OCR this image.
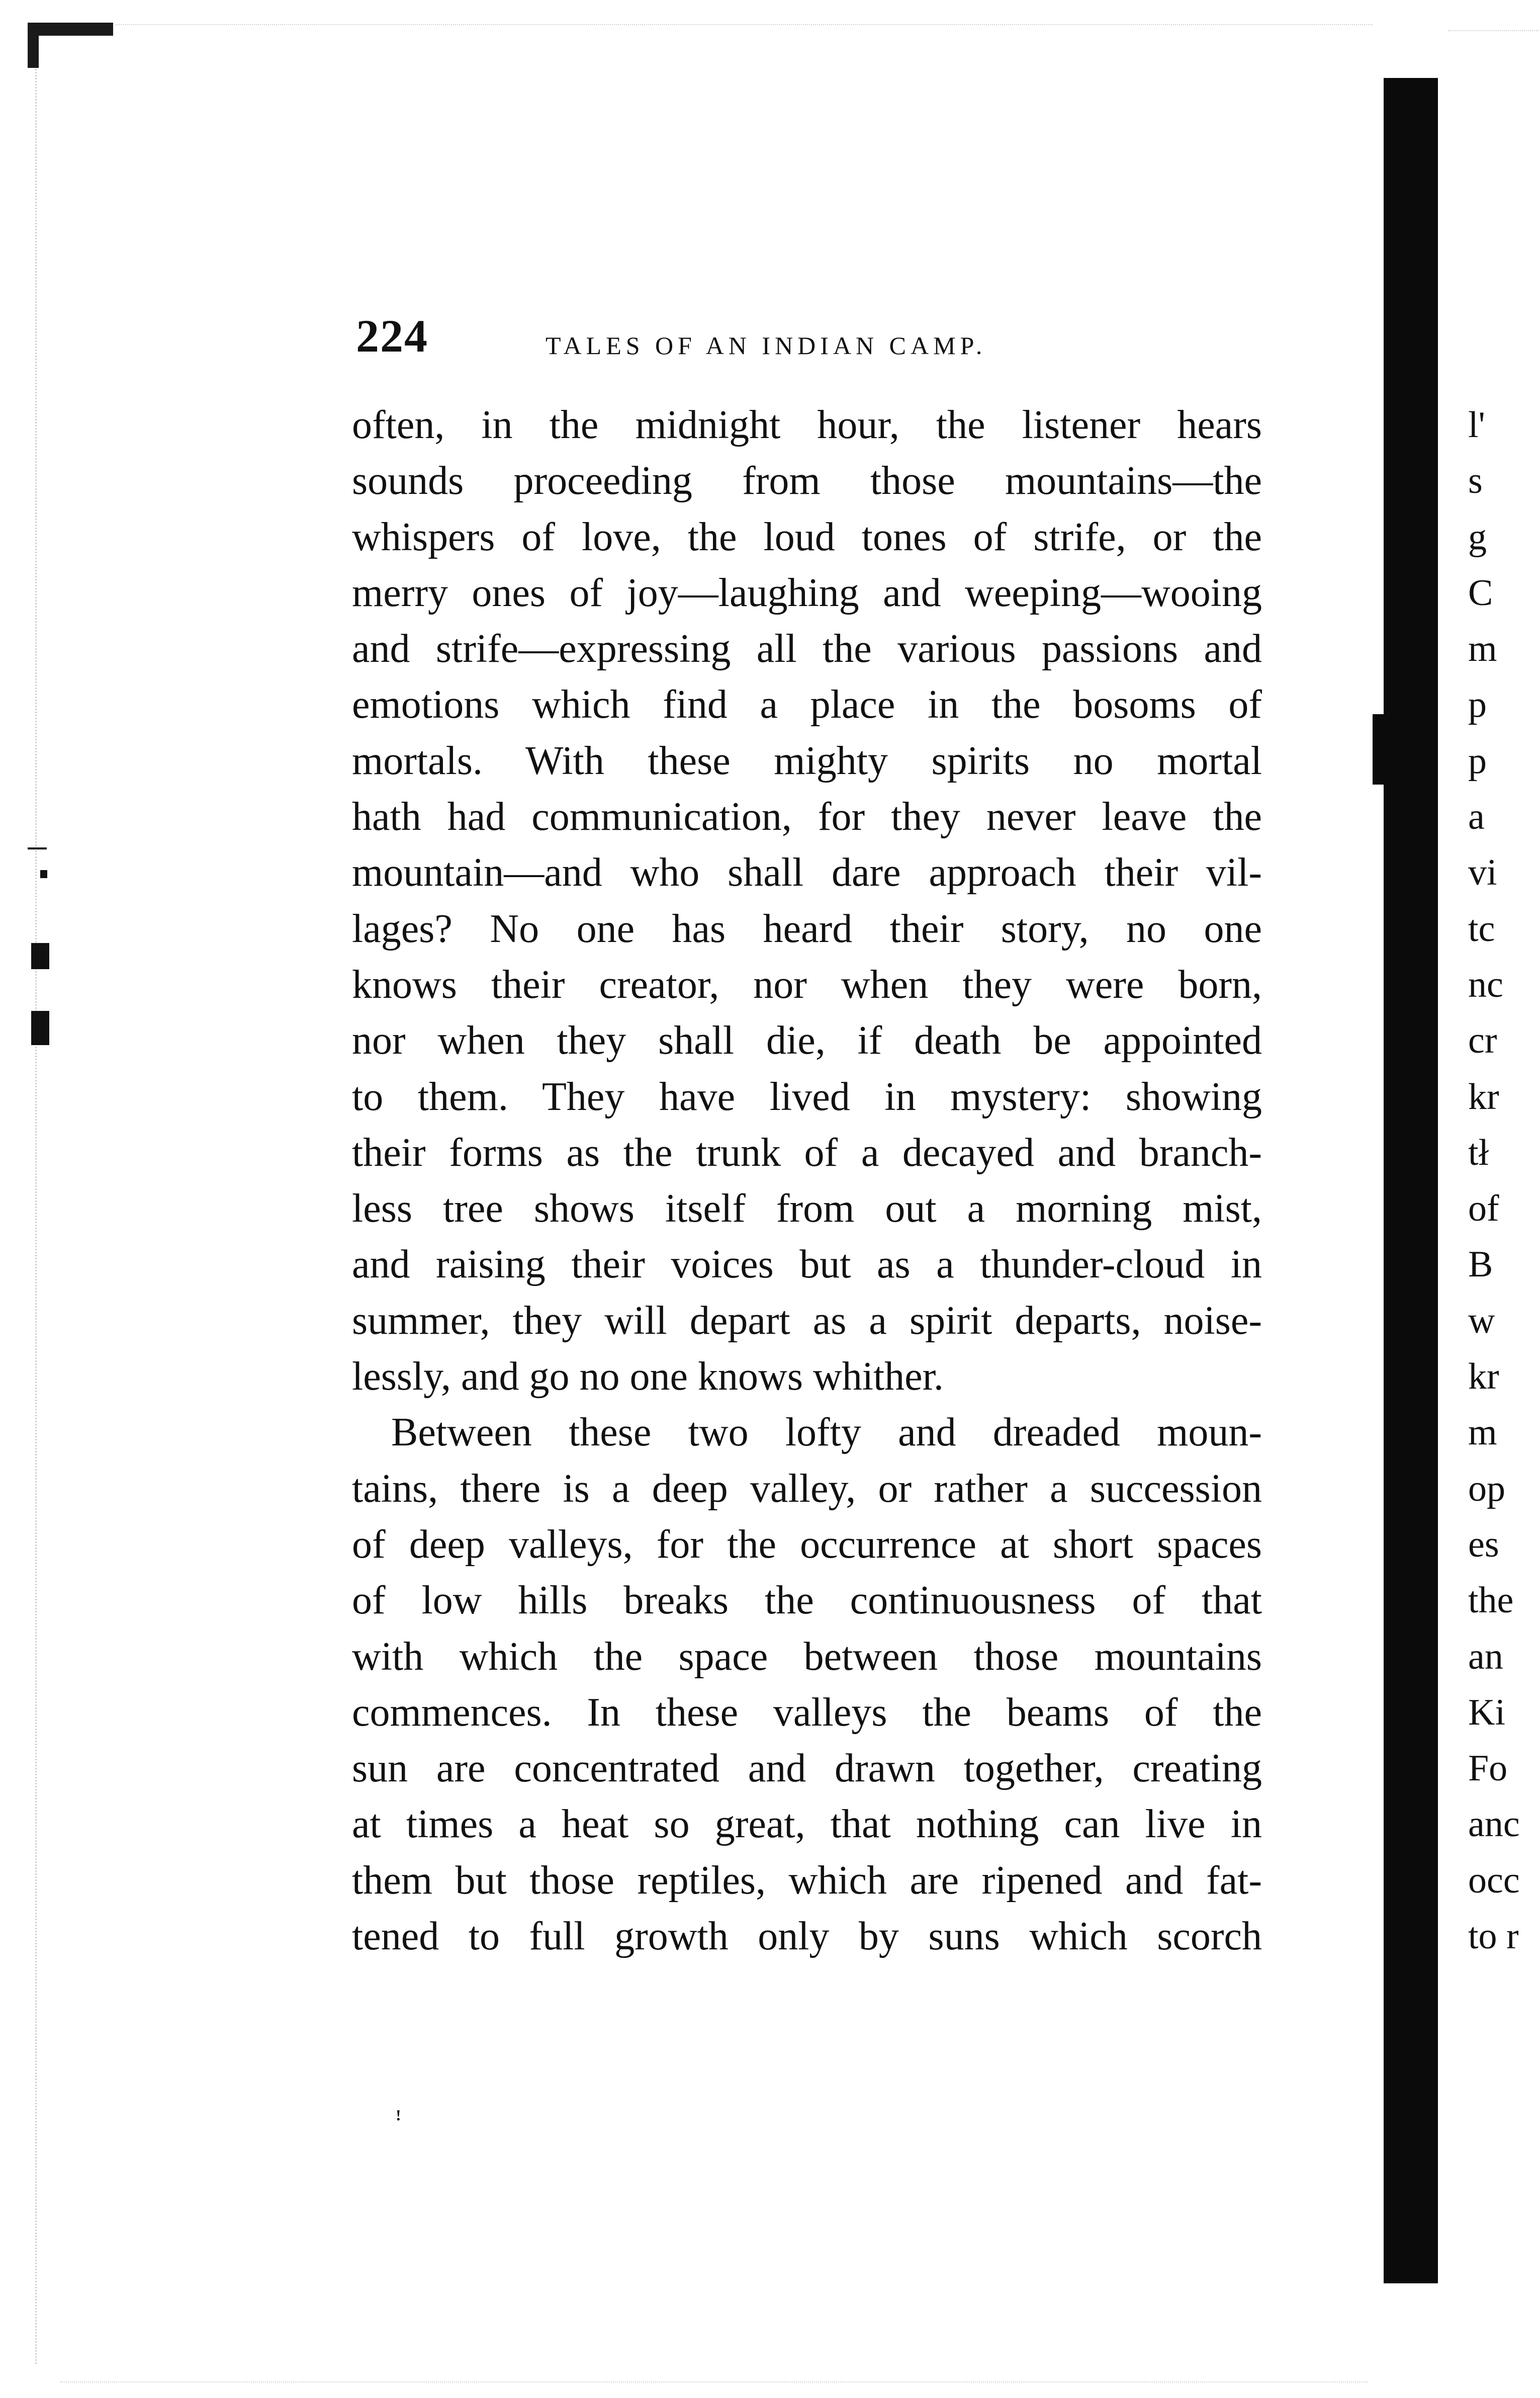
224	TALES OF AN INDIAN CAMP.
often, in the midnight hour, the listener hears
sounds proceeding from those mountains—the
whispers of love, the loud tones of strife, or the
merry ones of joy—laughing and weeping—wooing
and strife—expressing all the various passions and
emotions which find a place in the bosoms of
mortals. With these mighty spirits no mortal
hath had communication, for they never leave the
mountain—and who shall dare approach their vil-
lages? No one has heard their story, no one
knows their creator, nor when they were born,
nor when they shall die, if death be appointed
to them. They have lived in mystery: showing
their forms as the trunk of a decayed and branch-
less tree shows itself from out a morning mist,
and raising their voices but as a thunder-cloud in
summer, they will depart as a spirit departs, noise-
lessly, and go no one knows whither.
Between these two lofty and dreaded moun-
tains, there is a deep valley, or rather a succession
of deep valleys, for the occurrence at short spaces
of low hills breaks the continuousness of that
with which the space between those mountains
commences. In these valleys the beams of the
sun are concentrated and drawn together, creating
at times a heat so great, that nothing can live in
them but those reptiles, which are ripened and fat-
tened to full growth only by suns which scorch
ꜝ
l'
s
g
C
m
p
p
a
vi
tc
nc
cr
kr
tł
of
B
w
kr
m
op
es
the
an
Ki
Fo
anc
occ
to r
